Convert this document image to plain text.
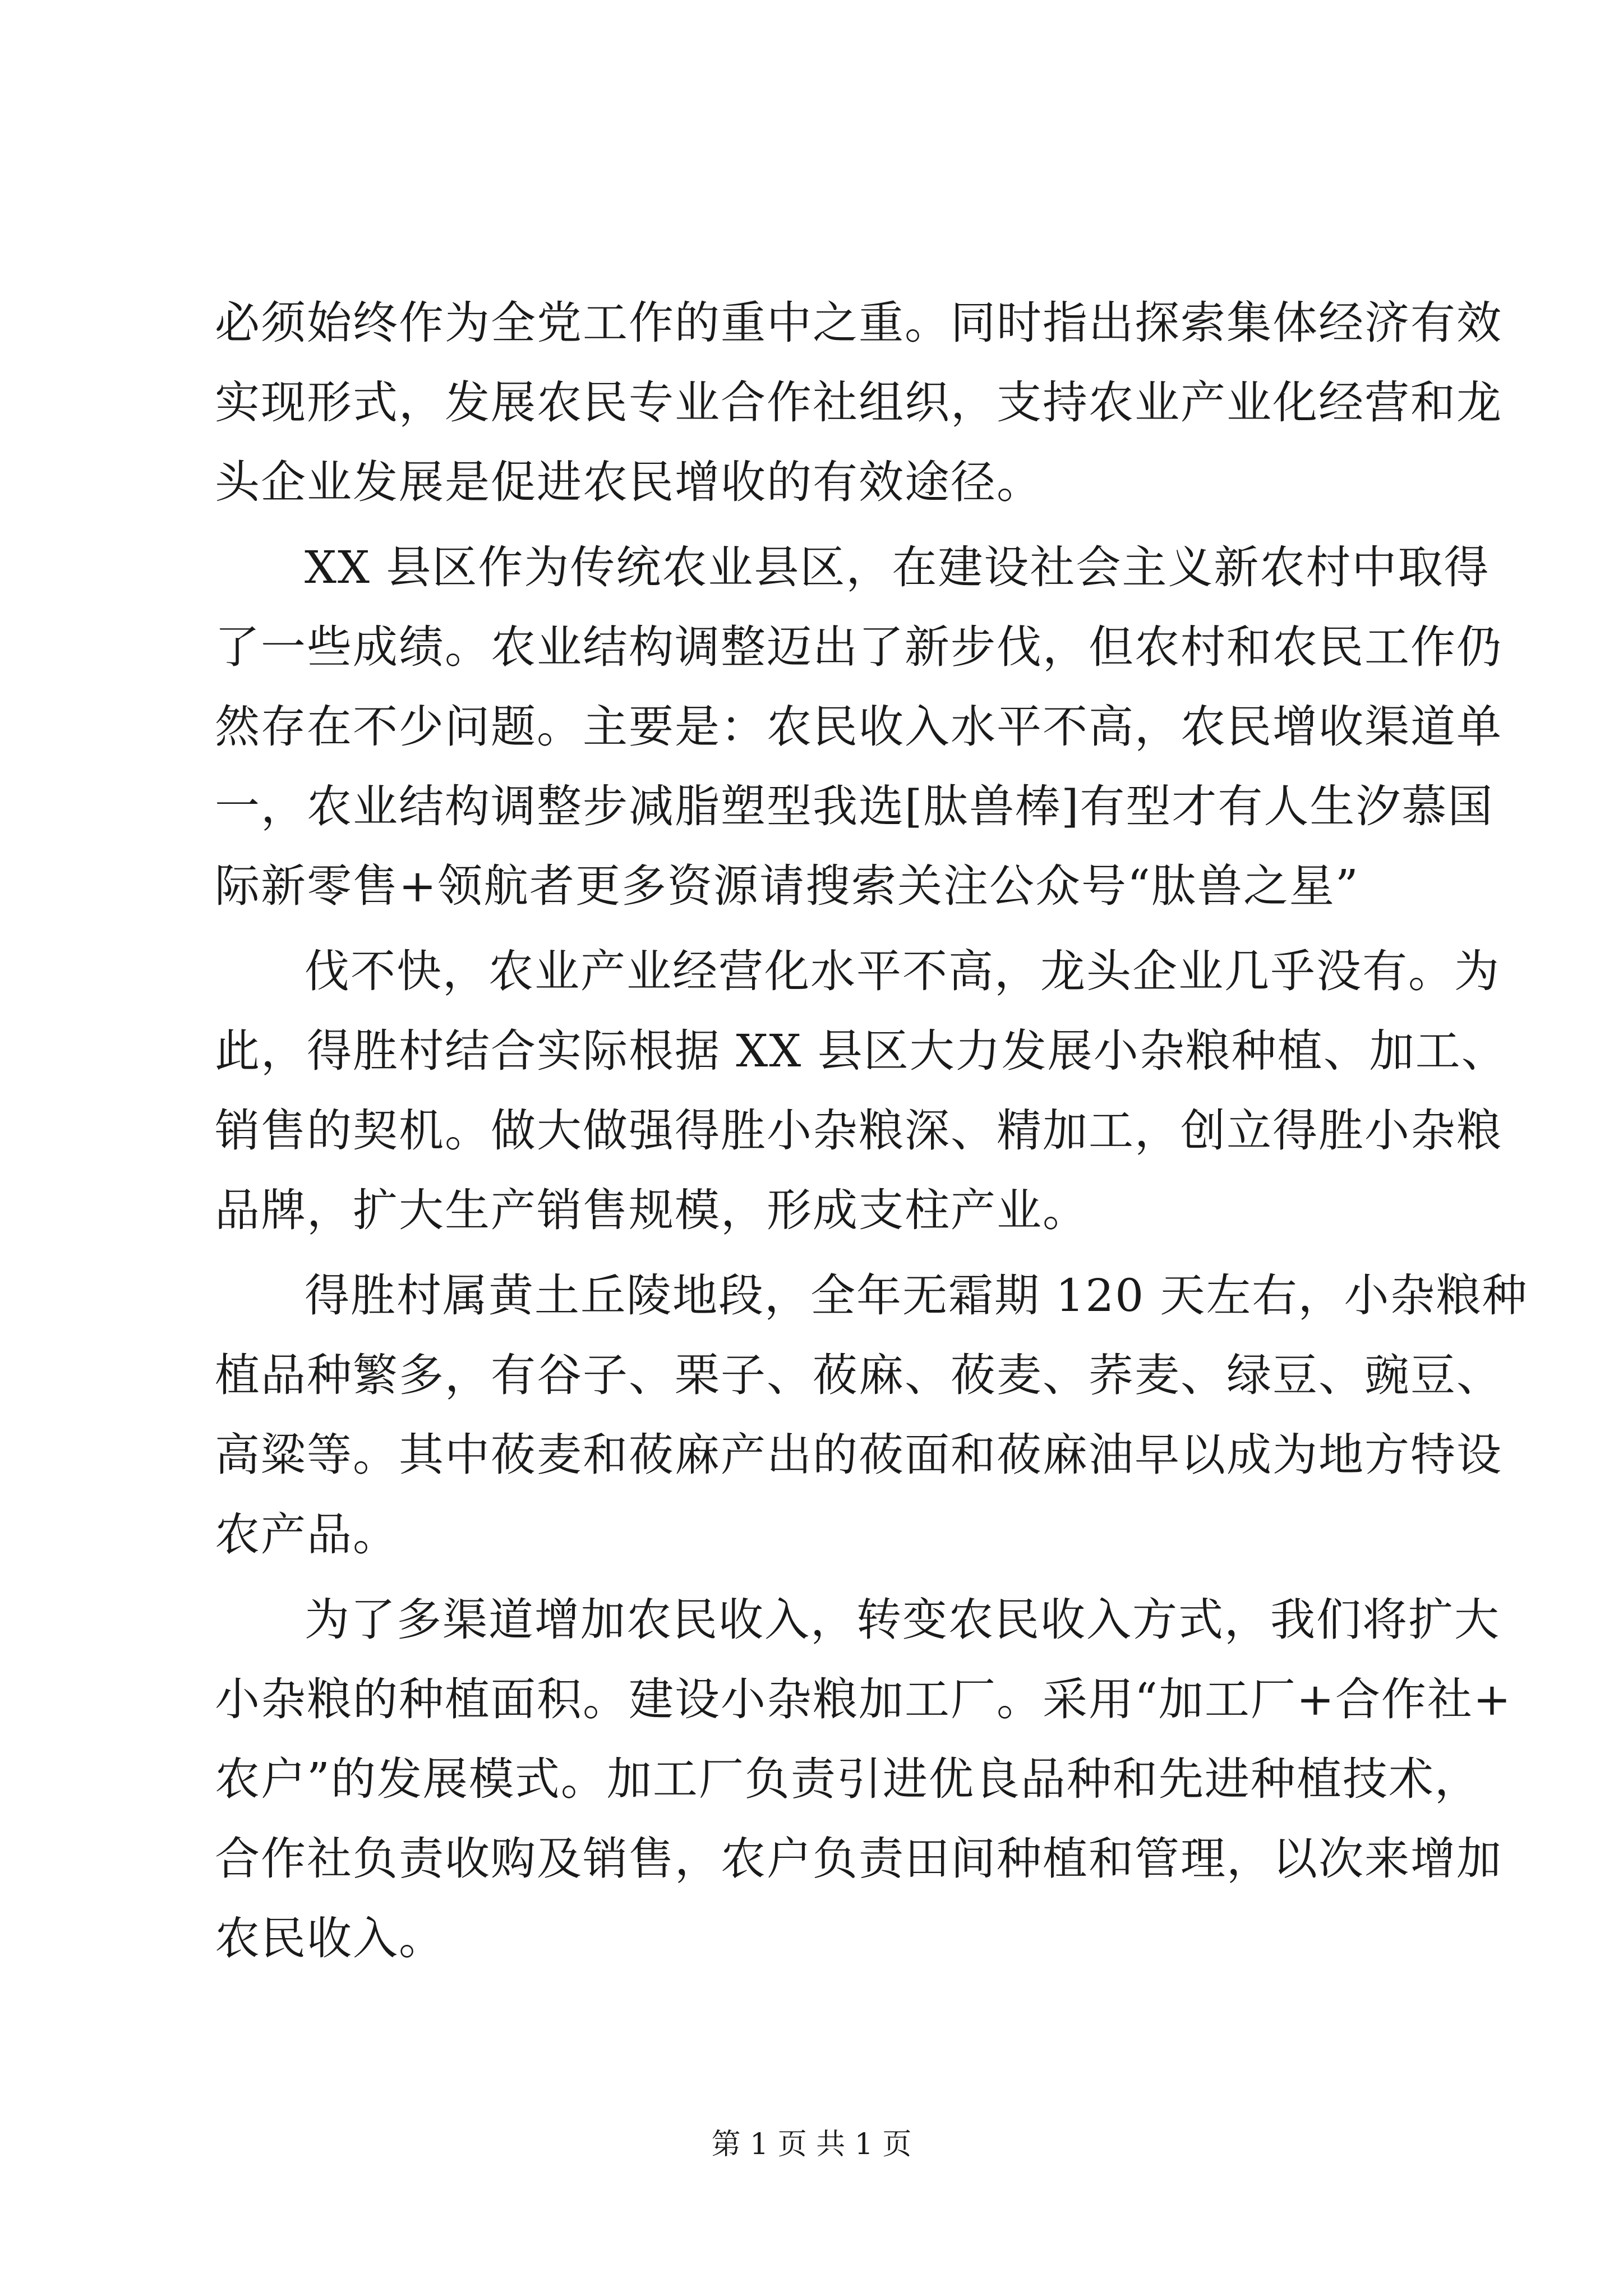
必须始终作为全党工作的重中之重。同时指出探索集体经济有效
实现形式，发展农民专业合作社组织，支持农业产业化经营和龙
头企业发展是促进农民增收的有效途径。
XX 县区作为传统农业县区，在建设社会主义新农村中取得
了一些成绩。农业结构调整迈出了新步伐，但农村和农民工作仍
然存在不少问题。主要是：农民收入水平不高，农民增收渠道单
一，农业结构调整步减脂塑型我选[肽兽棒]有型才有人生汐慕国
际新零售+领航者更多资源请搜索关注公众号“肽兽之星”
伐不快，农业产业经营化水平不高，龙头企业几乎没有。为
此，得胜村结合实际根据 XX 县区大力发展小杂粮种植、加工、
销售的契机。做大做强得胜小杂粮深、精加工，创立得胜小杂粮
品牌，扩大生产销售规模，形成支柱产业。
得胜村属黄土丘陵地段，全年无霜期 120 天左右，小杂粮种
植品种繁多，有谷子、栗子、莜麻、莜麦、荞麦、绿豆、豌豆、
高粱等。其中莜麦和莜麻产出的莜面和莜麻油早以成为地方特设
农产品。
为了多渠道增加农民收入，转变农民收入方式，我们将扩大
小杂粮的种植面积。建设小杂粮加工厂。采用“加工厂+合作社+
农户”的发展模式。加工厂负责引进优良品种和先进种植技术，
合作社负责收购及销售，农户负责田间种植和管理，以次来增加
农民收入。
第 1 页 共 1 页
